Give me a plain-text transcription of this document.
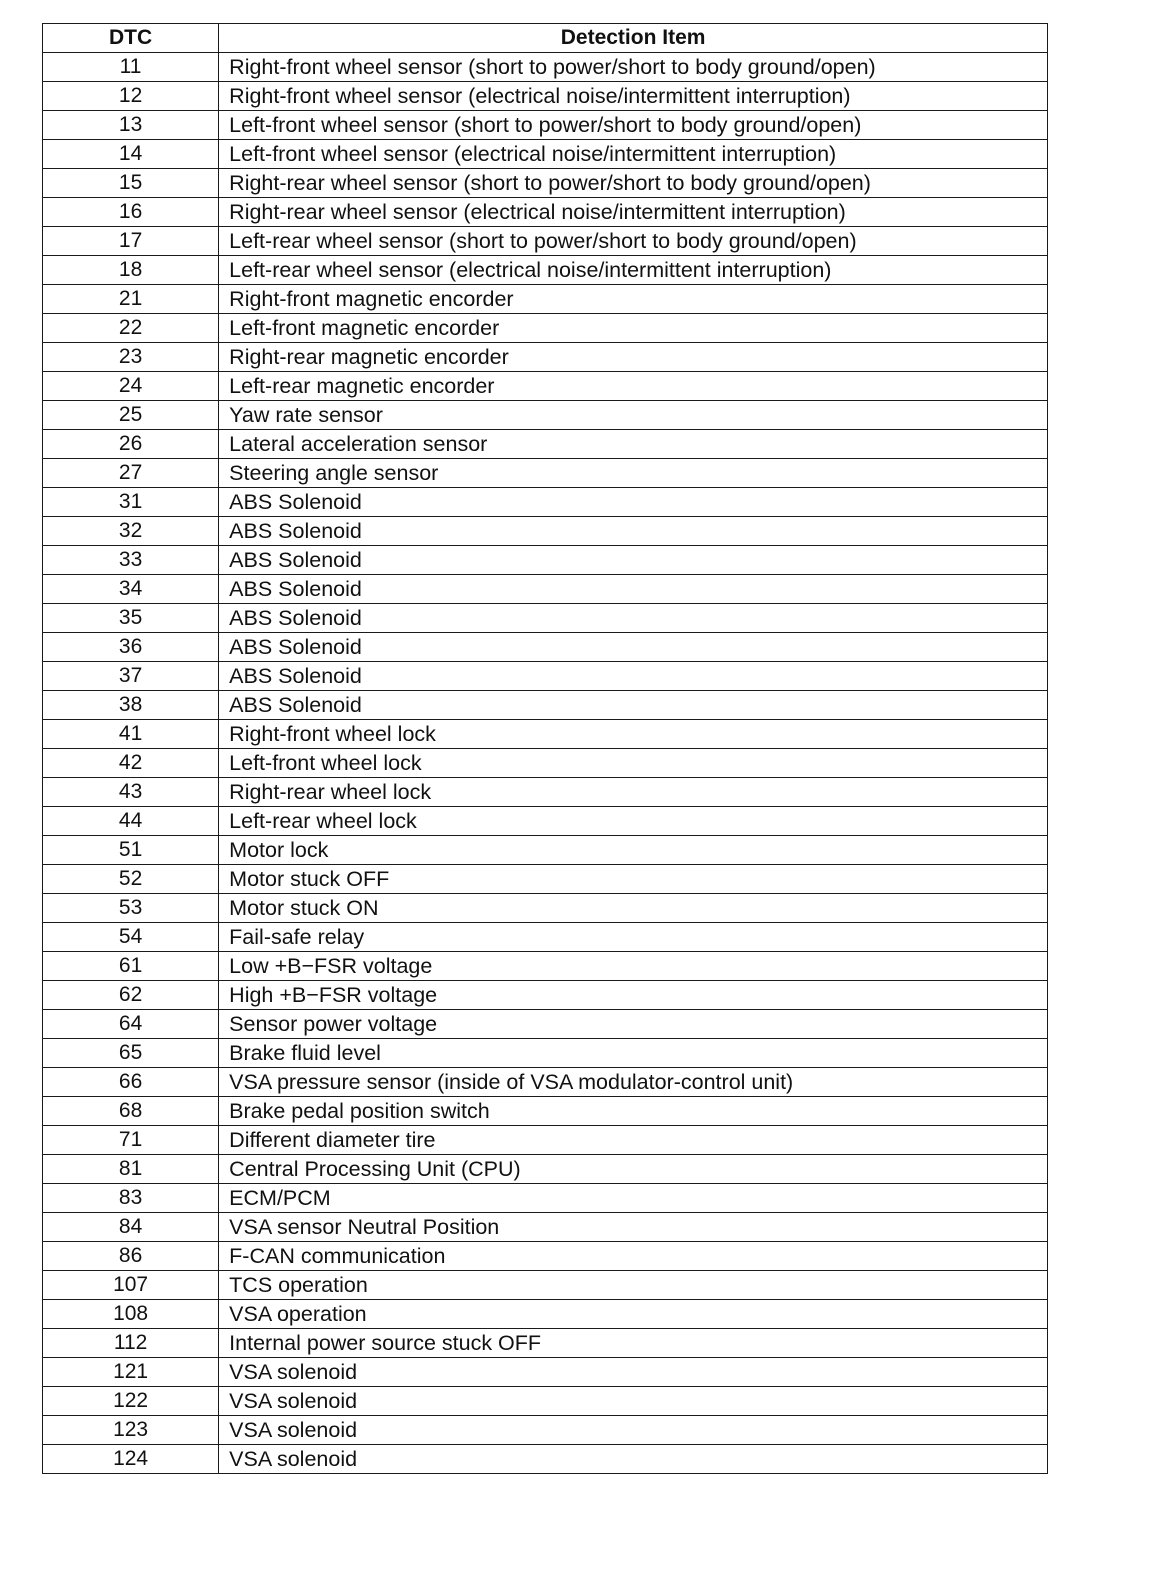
DTC	Detection Item
11	Right-front wheel sensor (short to power/short to body ground/open)
12	Right-front wheel sensor (electrical noise/intermittent interruption)
13	Left-front wheel sensor (short to power/short to body ground/open)
14	Left-front wheel sensor (electrical noise/intermittent interruption)
15	Right-rear wheel sensor (short to power/short to body ground/open)
16	Right-rear wheel sensor (electrical noise/intermittent interruption)
17	Left-rear wheel sensor (short to power/short to body ground/open)
18	Left-rear wheel sensor (electrical noise/intermittent interruption)
21	Right-front magnetic encorder
22	Left-front magnetic encorder
23	Right-rear magnetic encorder
24	Left-rear magnetic encorder
25	Yaw rate sensor
26	Lateral acceleration sensor
27	Steering angle sensor
31	ABS Solenoid
32	ABS Solenoid
33	ABS Solenoid
34	ABS Solenoid
35	ABS Solenoid
36	ABS Solenoid
37	ABS Solenoid
38	ABS Solenoid
41	Right-front wheel lock
42	Left-front wheel lock
43	Right-rear wheel lock
44	Left-rear wheel lock
51	Motor lock
52	Motor stuck OFF
53	Motor stuck ON
54	Fail-safe relay
61	Low +B−FSR voltage
62	High +B−FSR voltage
64	Sensor power voltage
65	Brake fluid level
66	VSA pressure sensor (inside of VSA modulator-control unit)
68	Brake pedal position switch
71	Different diameter tire
81	Central Processing Unit (CPU)
83	ECM/PCM
84	VSA sensor Neutral Position
86	F-CAN communication
107	TCS operation
108	VSA operation
112	Internal power source stuck OFF
121	VSA solenoid
122	VSA solenoid
123	VSA solenoid
124	VSA solenoid
